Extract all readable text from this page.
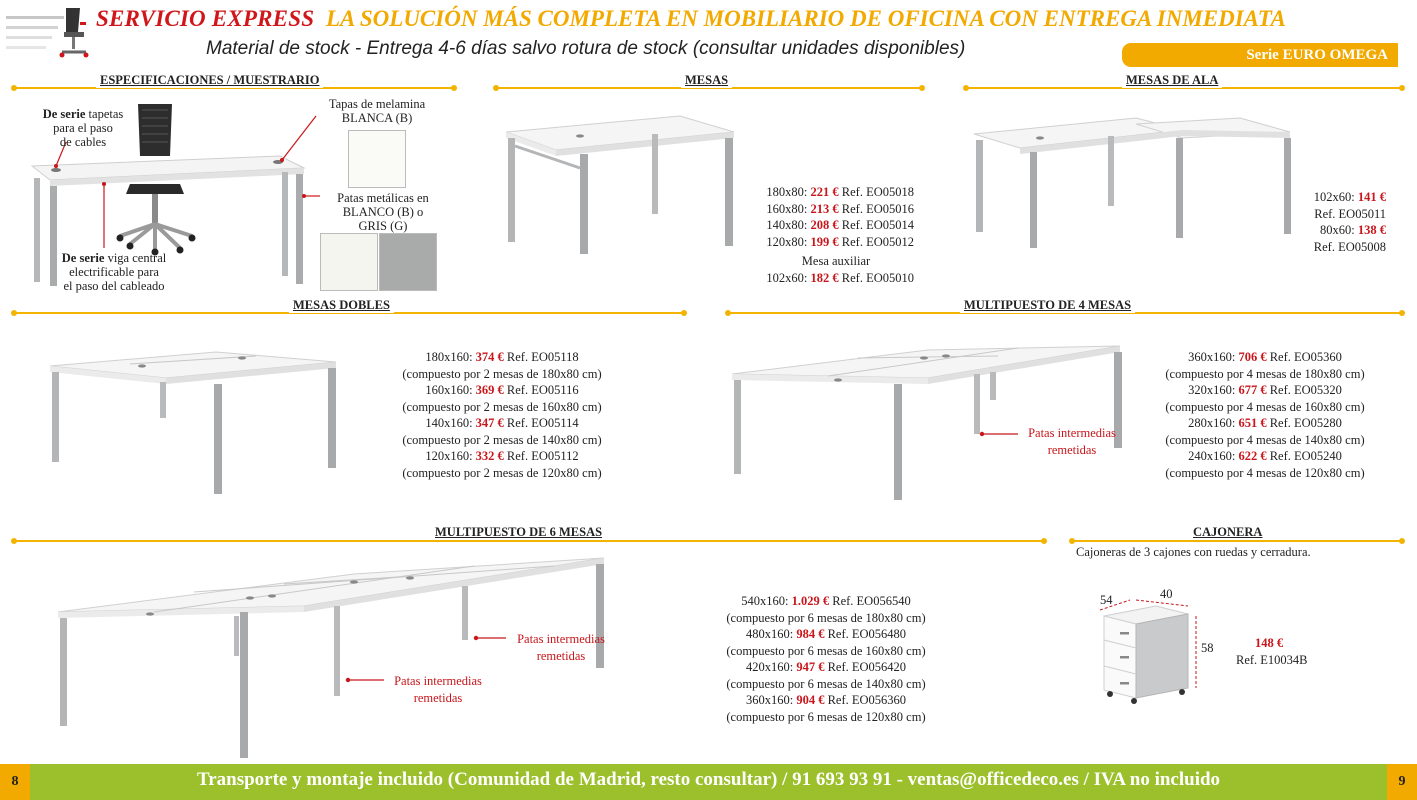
SERVICIO EXPRESS LA SOLUCIÓN MÁS COMPLETA EN MOBILIARIO DE OFICINA CON ENTREGA INMEDIATA
Material de stock - Entrega 4-6 días salvo rotura de stock (consultar unidades disponibles)	Serie EURO OMEGA
ESPECIFICACIONES / MUESTRARIO
De serie tapetas
para el paso
de cables
De serie viga central
electrificable para
el paso del cableado
Tapas de melamina
BLANCA (B)
Patas metálicas en
BLANCO (B) o
GRIS (G)
MESAS
180x80: 221 € Ref. EO05018
160x80: 213 € Ref. EO05016
140x80: 208 € Ref. EO05014
120x80: 199 € Ref. EO05012
Mesa auxiliar
102x60: 182 € Ref. EO05010
MESAS DE ALA
102x60: 141 €
Ref. EO05011
80x60: 138 €
Ref. EO05008
MESAS DOBLES
180x160: 374 € Ref. EO05118
(compuesto por 2 mesas de 180x80 cm)
160x160: 369 € Ref. EO05116
(compuesto por 2 mesas de 160x80 cm)
140x160: 347 € Ref. EO05114
(compuesto por 2 mesas de 140x80 cm)
120x160: 332 € Ref. EO05112
(compuesto por 2 mesas de 120x80 cm)
MULTIPUESTO DE 4 MESAS
Patas intermedias
remetidas
360x160: 706 € Ref. EO05360
(compuesto por 4 mesas de 180x80 cm)
320x160: 677 € Ref. EO05320
(compuesto por 4 mesas de 160x80 cm)
280x160: 651 € Ref. EO05280
(compuesto por 4 mesas de 140x80 cm)
240x160: 622 € Ref. EO05240
(compuesto por 4 mesas de 120x80 cm)
MULTIPUESTO DE 6 MESAS
Patas intermedias
remetidas
Patas intermedias
remetidas
540x160: 1.029 € Ref. EO056540
(compuesto por 6 mesas de 180x80 cm)
480x160: 984 € Ref. EO056480
(compuesto por 6 mesas de 160x80 cm)
420x160: 947 € Ref. EO056420
(compuesto por 6 mesas de 140x80 cm)
360x160: 904 € Ref. EO056360
(compuesto por 6 mesas de 120x80 cm)
CAJONERA
Cajoneras de 3 cajones con ruedas y cerradura.
54	40
58	148 €
Ref. E10034B
Transporte y montaje incluido (Comunidad de Madrid, resto consultar) / 91 693 93 91 - ventas@officedeco.es / IVA no incluido
8	9
